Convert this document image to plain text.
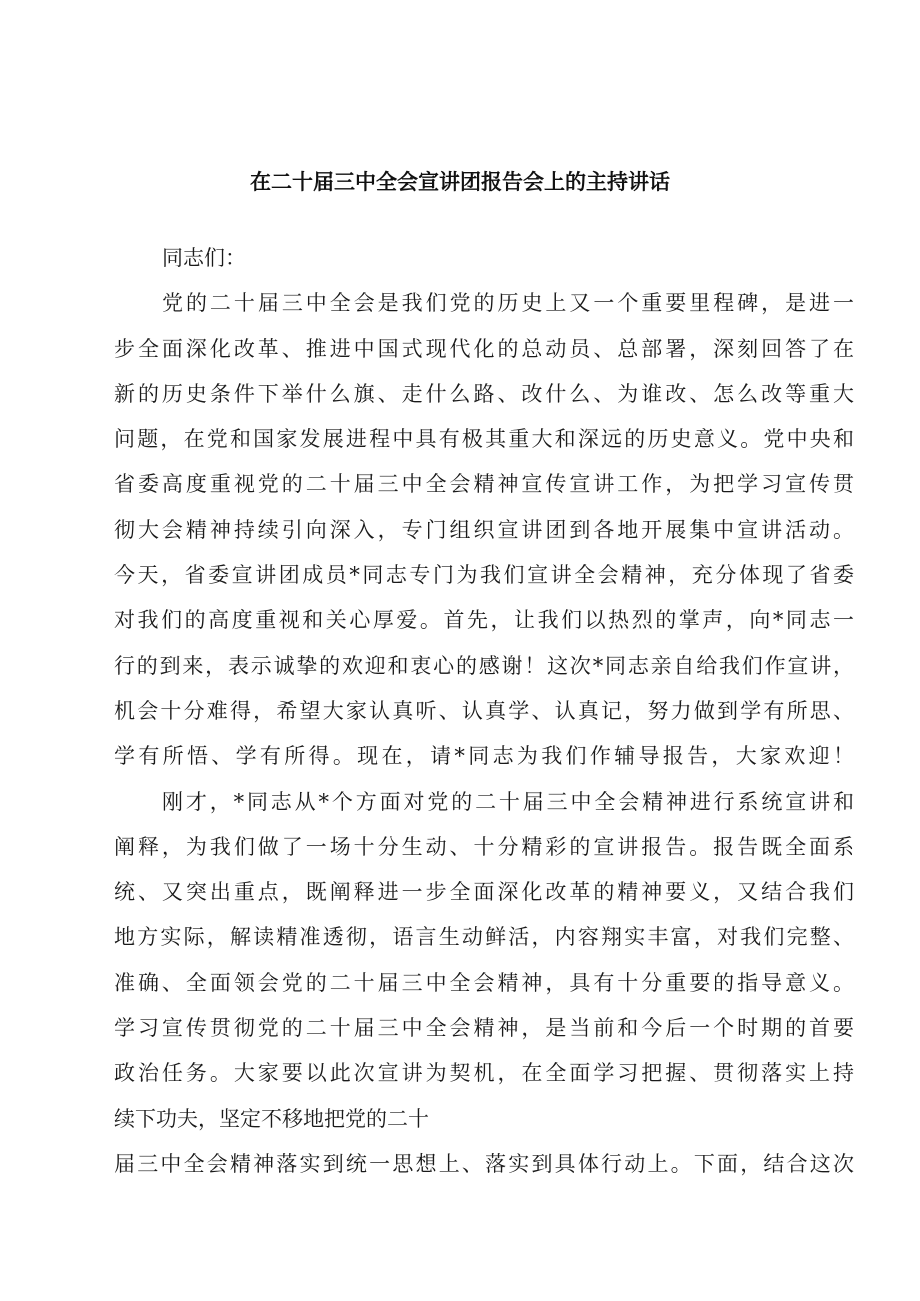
在二十届三中全会宣讲团报告会上的主持讲话
同志们：
党的二十届三中全会是我们党的历史上又一个重要里程碑，是进一
步全面深化改革、推进中国式现代化的总动员、总部署，深刻回答了在
新的历史条件下举什么旗、走什么路、改什么、为谁改、怎么改等重大
问题，在党和国家发展进程中具有极其重大和深远的历史意义。党中央和
省委高度重视党的二十届三中全会精神宣传宣讲工作，为把学习宣传贯
彻大会精神持续引向深入，专门组织宣讲团到各地开展集中宣讲活动。
今天，省委宣讲团成员*同志专门为我们宣讲全会精神，充分体现了省委
对我们的高度重视和关心厚爱。首先，让我们以热烈的掌声，向*同志一
行的到来，表示诚挚的欢迎和衷心的感谢！这次*同志亲自给我们作宣讲，
机会十分难得，希望大家认真听、认真学、认真记，努力做到学有所思、
学有所悟、学有所得。现在，请*同志为我们作辅导报告，大家欢迎！
刚才，*同志从*个方面对党的二十届三中全会精神进行系统宣讲和
阐释，为我们做了一场十分生动、十分精彩的宣讲报告。报告既全面系
统、又突出重点，既阐释进一步全面深化改革的精神要义，又结合我们
地方实际，解读精准透彻，语言生动鲜活，内容翔实丰富，对我们完整、
准确、全面领会党的二十届三中全会精神，具有十分重要的指导意义。
学习宣传贯彻党的二十届三中全会精神，是当前和今后一个时期的首要
政治任务。大家要以此次宣讲为契机，在全面学习把握、贯彻落实上持
续下功夫，坚定不移地把党的二十
届三中全会精神落实到统一思想上、落实到具体行动上。下面，结合这次
